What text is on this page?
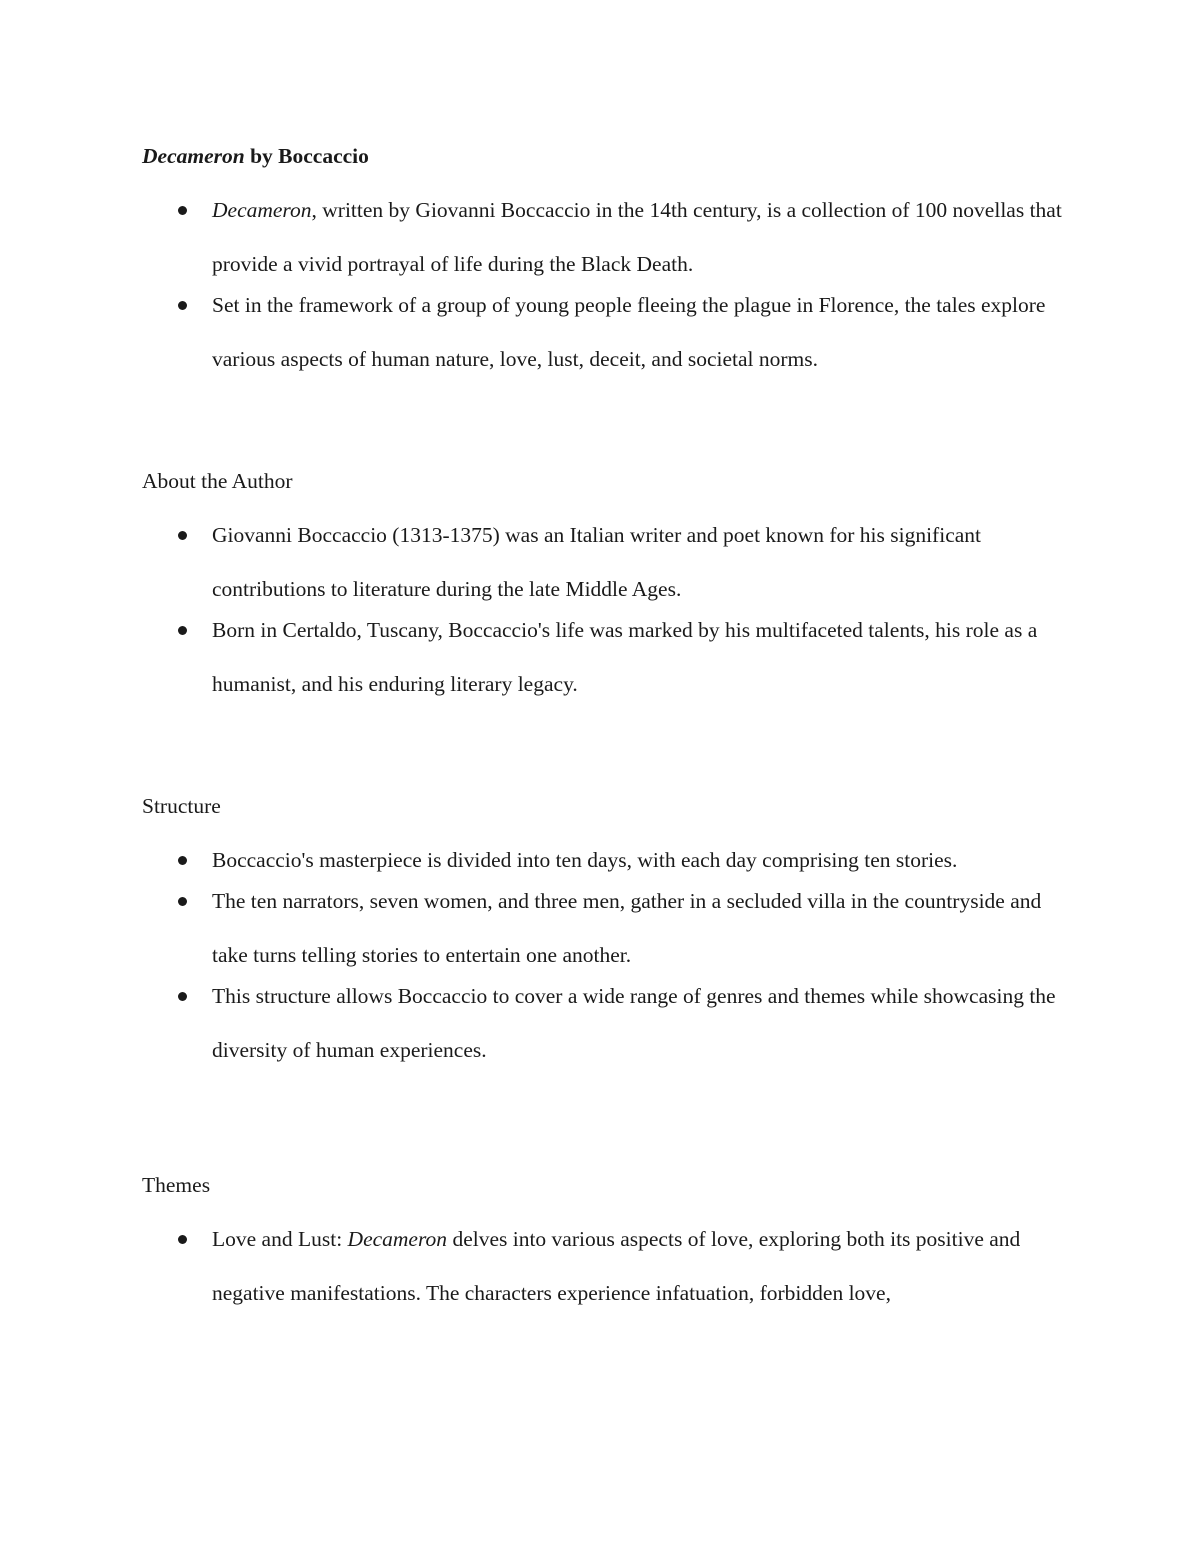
Decameron by Boccaccio
Decameron, written by Giovanni Boccaccio in the 14th century, is a collection of 100 novellas that provide a vivid portrayal of life during the Black Death.
Set in the framework of a group of young people fleeing the plague in Florence, the tales explore various aspects of human nature, love, lust, deceit, and societal norms.
About the Author
Giovanni Boccaccio (1313-1375) was an Italian writer and poet known for his significant contributions to literature during the late Middle Ages.
Born in Certaldo, Tuscany, Boccaccio's life was marked by his multifaceted talents, his role as a humanist, and his enduring literary legacy.
Structure
Boccaccio's masterpiece is divided into ten days, with each day comprising ten stories.
The ten narrators, seven women, and three men, gather in a secluded villa in the countryside and take turns telling stories to entertain one another.
This structure allows Boccaccio to cover a wide range of genres and themes while showcasing the diversity of human experiences.
Themes
Love and Lust: Decameron delves into various aspects of love, exploring both its positive and negative manifestations. The characters experience infatuation, forbidden love,
